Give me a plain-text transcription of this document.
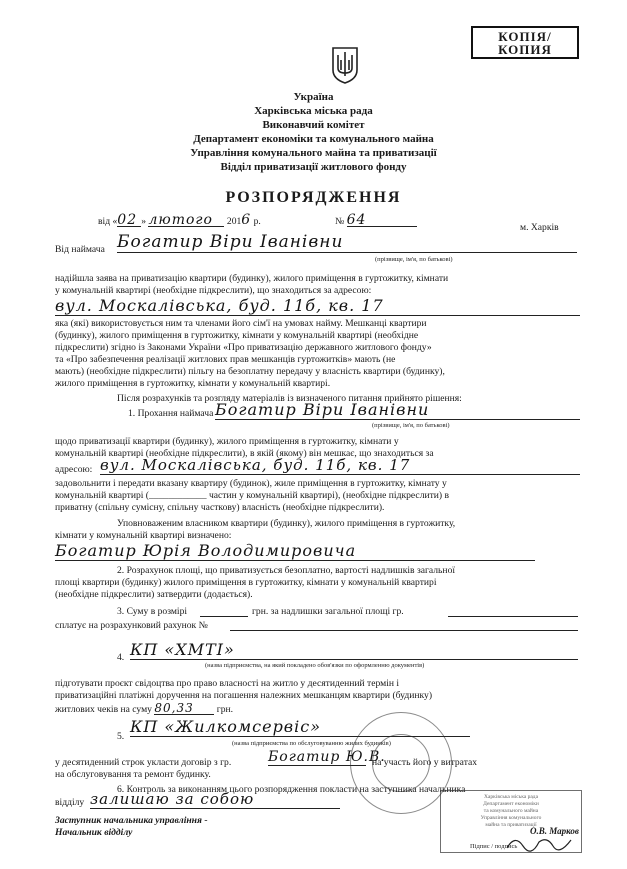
КОПІЯ/
КОПИЯ
Україна
Харківська міська рада
Виконавчий комітет
Департамент економіки та комунального майна
Управління комунального майна та приватизації
Відділ приватизації житлового фонду
РОЗПОРЯДЖЕННЯ
від «02 » лютого 2016 р.	№ 64	м. Харків
Від наймача Богатир Віри Іванівни
(прізвище, ім'я, по батькові)
надійшла заява на приватизацію квартири (будинку), жилого приміщення в гуртожитку, кімнати
у комунальній квартирі (необхідне підкреслити), що знаходиться за адресою:
вул. Москалівська, буд. 11б, кв. 17
яка (які) використовується ним та членами його сім'ї на умовах найму. Мешканці квартири
(будинку), жилого приміщення в гуртожитку, кімнати у комунальній квартирі (необхідне
підкреслити) згідно із Законами України «Про приватизацію державного житлового фонду»
та «Про забезпечення реалізації житлових прав мешканців гуртожитків» мають (не
мають) (необхідне підкреслити) пільгу на безоплатну передачу у власність квартири (будинку),
жилого приміщення в гуртожитку, кімнати у комунальній квартирі.
Після розрахунків та розгляду матеріалів із визначеного питання прийнято рішення:
1. Прохання наймача Богатир Віри Іванівни
(прізвище, ім'я, по батькові)
щодо приватизації квартири (будинку), жилого приміщення в гуртожитку, кімнати у
комунальній квартирі (необхідне підкреслити), в якій (якому) він мешкає, що знаходиться за
адресою: вул. Москалівська, буд. 11б, кв. 17
задовольнити і передати вказану квартиру (будинок), жиле приміщення в гуртожитку, кімнату у
комунальній квартирі (____________ частин у комунальній квартирі), (необхідне підкреслити) в
приватну (спільну сумісну, спільну часткову) власність (необхідне підкреслити).
Уповноваженим власником квартири (будинку), жилого приміщення в гуртожитку,
кімнати у комунальній квартирі визначено:
Богатир Юрія Володимировича
2. Розрахунок площі, що приватизується безоплатно, вартості надлишків загальної
площі квартири (будинку) жилого приміщення в гуртожитку, кімнати у комунальній квартирі
(необхідне підкреслити) затвердити (додається).
3. Суму в розмірі	грн. за надлишки загальної площі гр.
сплатує на розрахунковий рахунок №
4. КП «ХМТІ»
(назва підприємства, на який покладено обов'язки по оформленню документів)
підготувати проєкт свідоцтва про право власності на житло у десятиденний термін і
приватизаційні платіжні доручення на погашення належних мешканцям квартири (будинку)
житлових чеків на суму 80,33 грн.
5.
КП «Жилкомсервіс»
(назва підприємства по обслуговуванню жилих будинків)
у десятиденний строк укласти договір з гр.	Богатир Ю.В.
на участь його у витратах
на обслуговування та ремонт будинку.
6. Контроль за виконанням цього розпорядження покласти на заступника начальника
відділу залишаю за собою
Заступник начальника управління -
Начальник відділу
Харківська міська рада
Департамент економіки
та комунального майна
Управління комунального
майна та приватизації
О.В. Марков
Підпис / подпись
